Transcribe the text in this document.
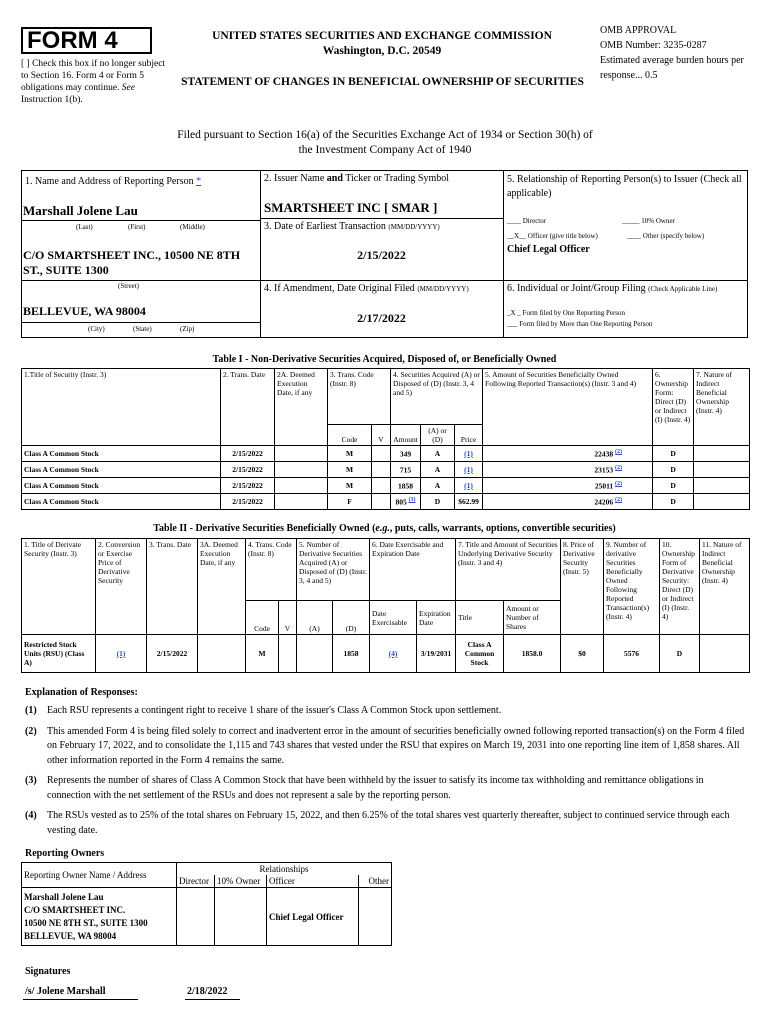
FORM 4
[ ] Check this box if no longer subject to Section 16. Form 4 or Form 5 obligations may continue. See Instruction 1(b).
UNITED STATES SECURITIES AND EXCHANGE COMMISSION
Washington, D.C. 20549
STATEMENT OF CHANGES IN BENEFICIAL OWNERSHIP OF SECURITIES
OMB APPROVAL
OMB Number: 3235-0287
Estimated average burden hours per response... 0.5
Filed pursuant to Section 16(a) of the Securities Exchange Act of 1934 or Section 30(h) of the Investment Company Act of 1940
1. Name and Address of Reporting Person *
Marshall Jolene Lau
(Last)	(First)	(Middle)
C/O SMARTSHEET INC., 10500 NE 8TH ST., SUITE 1300
(Street)
BELLEVUE, WA 98004
(City)	(State)	(Zip)
2. Issuer Name and Ticker or Trading Symbol
SMARTSHEET INC [ SMAR ]
3. Date of Earliest Transaction (MM/DD/YYYY)
2/15/2022
4. If Amendment, Date Original Filed (MM/DD/YYYY)
2/17/2022
5. Relationship of Reporting Person(s) to Issuer (Check all applicable)
____ Director	_____ 10% Owner
__X__ Officer (give title below)	____ Other (specify below)
Chief Legal Officer
6. Individual or Joint/Group Filing (Check Applicable Line)
_X _ Form filed by One Reporting Person
___ Form filed by More than One Reporting Person
Table I - Non-Derivative Securities Acquired, Disposed of, or Beneficially Owned
1.Title of Security (Instr. 3)	2. Trans. Date	2A. Deemed Execution Date, if any	3. Trans. Code (Instr. 8)		4. Securities Acquired (A) or Disposed of (D) (Instr. 3, 4 and 5)			5. Amount of Securities Beneficially Owned Following Reported Transaction(s) (Instr. 3 and 4)	6. Ownership Form: Direct (D) or Indirect (I) (Instr. 4)	7. Nature of Indirect Beneficial Ownership (Instr. 4)
			Code	V	Amount	(A) or (D)	Price			
Class A Common Stock	2/15/2022		M		349	A	(1)	22438 $^{(2)}$	D	
Class A Common Stock	2/15/2022		M		715	A	(1)	23153 $^{(2)}$	D	
Class A Common Stock	2/15/2022		M		1858	A	(1)	25011 $^{(2)}$	D	
Class A Common Stock	2/15/2022		F		805 $^{(3)}$	D	$62.99	24206 $^{(2)}$	D	
Table II - Derivative Securities Beneficially Owned (e.g., puts, calls, warrants, options, convertible securities)
1. Title of Derivate Security (Instr. 3)	2. Conversion or Exercise Price of Derivative Security	3. Trans. Date	3A. Deemed Execution Date, if any	4. Trans. Code (Instr. 8)		5. Number of Derivative Securities Acquired (A) or Disposed of (D) (Instr. 3, 4 and 5)		6. Date Exercisable and Expiration Date		7. Title and Amount of Securities Underlying Derivative Security (Instr. 3 and 4)		8. Price of Derivative Security (Instr. 5)	9. Number of derivative Securities Beneficially Owned Following Reported Transaction(s) (Instr. 4)	10. Ownership Form of Derivative Security: Direct (D) or Indirect (I) (Instr. 4)	11. Nature of Indirect Beneficial Ownership (Instr. 4)
				Code	V	(A)	(D)	Date Exercisable	Expiration Date	Title	Amount or Number of Shares				
Restricted Stock Units (RSU) (Class A)	(1)	2/15/2022		M			1858	(4)	3/19/2031	Class A Common Stock	1858.0	$0	5576	D	
Explanation of Responses:
(1)	Each RSU represents a contingent right to receive 1 share of the issuer's Class A Common Stock upon settlement.
(2)	This amended Form 4 is being filed solely to correct and inadvertent error in the amount of securities beneficially owned following reported transaction(s) on the Form 4 filed on February 17, 2022, and to consolidate the 1,115 and 743 shares that vested under the RSU that expires on March 19, 2031 into one reporting line item of 1,858 shares. All other information reported in the Form 4 remains the same.
(3)	Represents the number of shares of Class A Common Stock that have been withheld by the issuer to satisfy its income tax withholding and remittance obligations in connection with the net settlement of the RSUs and does not represent a sale by the reporting person.
(4)	The RSUs vested as to 25% of the total shares on February 15, 2022, and then 6.25% of the total shares vest quarterly thereafter, subject to continued service through each vesting date.
Reporting Owners
Reporting Owner Name / Address	Relationships			
	Director	10% Owner	Officer	Other

Marshall Jolene Lau
C/O SMARTSHEET INC.
10500 NE 8TH ST., SUITE 1300
BELLEVUE, WA 98004			Chief Legal Officer	
Signatures
/s/ Jolene Marshall	2/18/2022
